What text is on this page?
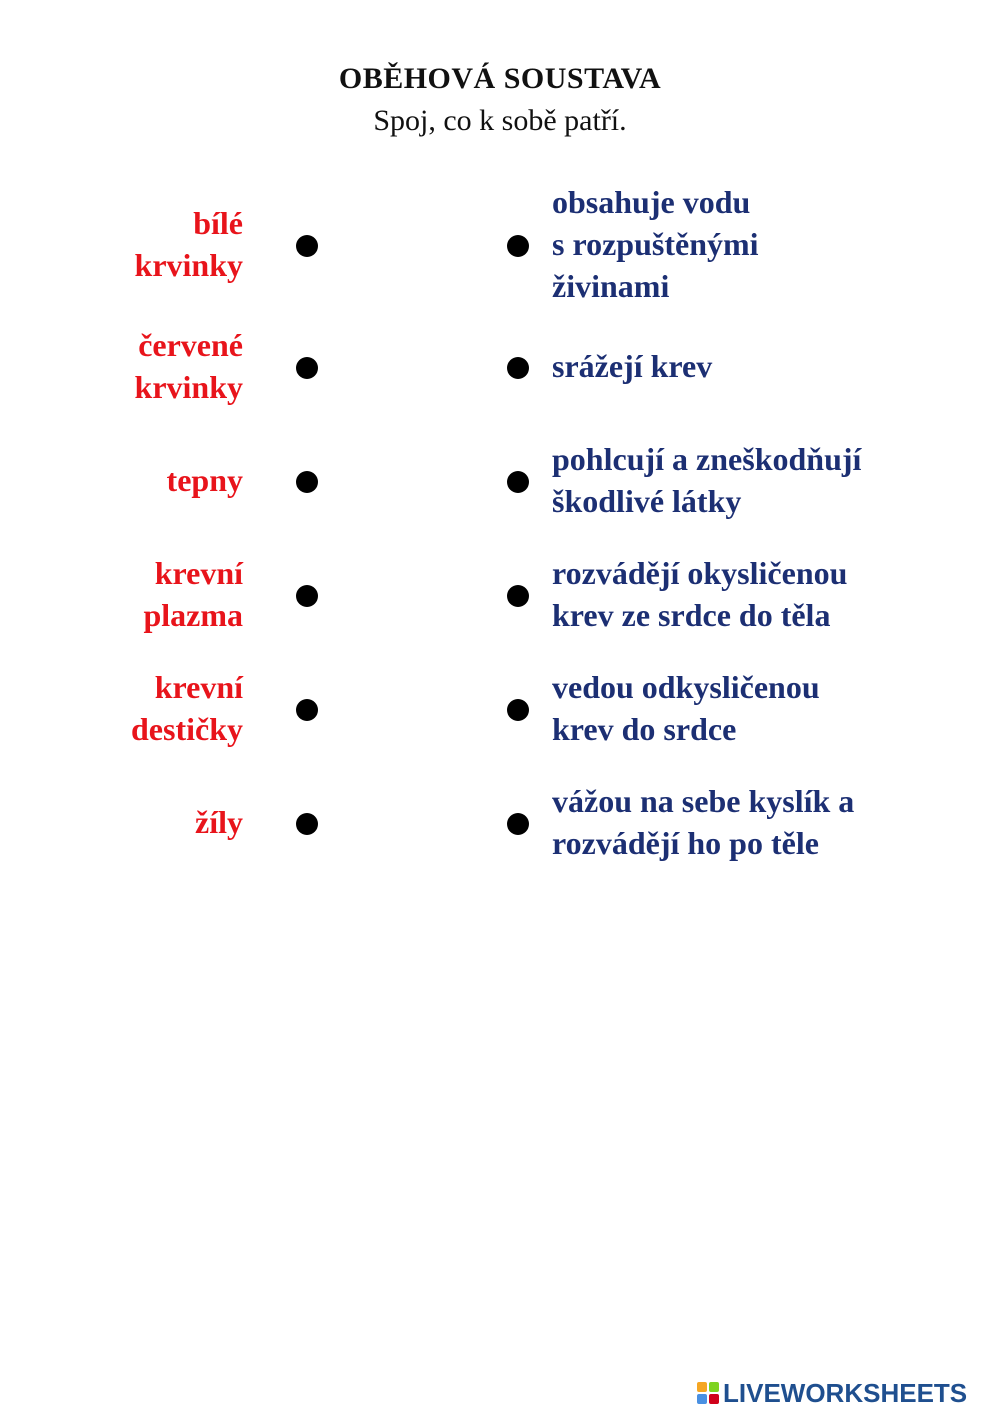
OBĚHOVÁ SOUSTAVA
Spoj, co k sobě patří.
bílé
krvinky
obsahuje vodu
s rozpuštěnými
živinami
červené
krvinky
srážejí krev
tepny
pohlcují a zneškodňují
škodlivé látky
krevní
plazma
rozvádějí okysličenou
krev ze srdce do těla
krevní
destičky
vedou odkysličenou
krev do srdce
žíly
vážou na sebe kyslík a
rozvádějí ho po těle
LIVEWORKSHEETS
